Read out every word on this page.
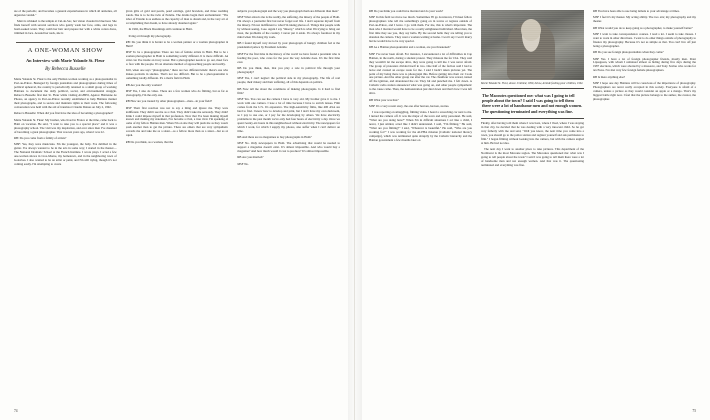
ate of the periodic, and becomes a general expansiveness in which all anxieties, all urgencies vanish."

Maxi is whisked to the temple at Cul-de-Sac, her vision clouded in blue heat. She finds herself with several servitors who gently wash her face, arms, and legs in basil-soaked water. They comb her hair and prepare her with a white cotton dress, trimmed in lace. Around her neck, she is

A ONE-WOMAN SHOW
An Interview with Marie Yolande St. Fleur
By Rebecca Busselle

Marie Yolande St. Fleur is the only Haitian woman working as a photojournalist in Port-au-Prince. Besieged by foreign journalists and photographers during times of political upheaval, the country is periodically returned to a small group of working Haitians to document the daily political, social, and environmental struggle. Rebecca Busselle first met St. Fleur while visiting AGHPO, Agence Haitienne de Photos, an agency in Port-au-Prince recently established to help Haitians market their photographs, and to secure and maintain rights to their work. The following conversation was held with the aid of translator Claudia Daines on July 2, 1992.

Rebecca Busselle: When did you first have the idea of becoming a photographer?

Marie Yolande St. Fleur: My brother, who lived in France at the time, came back to Haiti on vacation. He said, "I want to take you to a special place" and it was a photography school. The visit was my inspiration, and ever since then I've dreamed of becoming a great photographer. That was ten years ago, when I was 22.

RB: Do you come from a family of artists?

MSF: Yes, they were musicians. I'm the youngest, the baby. I've dabbled in the guitar. I've always wanted to be in the arts in some way; I started in the theater—The National Dramatic School at the French Institute. I wrote plays. I acted a few one-woman shows in Cros-Morne, my hometown, and in the neighboring town of Gonaives. I also wanted to be an artist or paint, and I'm still trying, though it's not coming easily. I'm attempting to create

given gifts of gold and pearls, pearl earrings, gold bracelets, and three wedding bands. She is to be the twin of Erzulie. The drums begin their enchantment: "The labor of Erzulie is as endless as the capacity of man to dream and, in the very act of accomplishing that dream, to have already dreamed again."

In 1992, the Black Dreamings still continue in Haiti.

living art through my photography.

RB: Do you think it is harder to be a woman painter or a woman photographer in Haiti?

MSF To be a photographer. There are lots of female artists in Haiti. But to be a woman photographer in Haiti is something totally different. It is more difficult. An artist can live inside an ivory tower. But a photographer needs to go out, meet face to face with the people. It's an alternate method of approaching people and reality.

Still, when one says "photographer," there are two different kinds: there's one who makes portraits in studios. That's not too difficult. But to be a photojournalist is something totally different. It's a man's field in Haiti.

RB Are you the only woman?

MSF Yes, I also do video. There are a few women who do filming, but as far as photography, I'm the only one.

RB How are you treated by other photographers—men—in your field?

MSF Their first reaction was not to say a thing and ignore me. They were indifferent. They didn't see me as a rival. They didn't take me seriously. They didn't think I could impose myself in that profession. Now that I've been making myself known and making my statement, I've become a rival, a true rival. I'm speaking of some of my fellow Haitian men. When I'm on site they will push me as they would push another man to get the picture. There are others that are very sympathetic towards me and take me as a sister—as a fellow more than as a sister—but as an equal.

RB Do you think, as a woman, that the

subjects you photograph and the way you photograph them are different than men?

MSF What attracts me is the reality, the suffering, the misery of the people of Haiti. I'm always a journalist first but never forget real life. I don't separate myself from the misery. I'm not indifferent to what I'm taking photos of. Things that people walk by without seeing, I see. Again I say "misery," which is what I'm trying to bring out most, the problems of the country. I never put it aside. It's always foremost in my mind when I'm doing my work.

RB I found myself very moved by your photograph of hungry children fed at the presidential palace by President Aristide.

MSF For the first time in the history of the world we have found a president who is feeding the poor, who cares for the poor the way Aristide does. It's the first time ever.

RB Do you think, then, that you play a role in political life through your photography?

MSF Yes, I can't neglect the political side in my photography. The life of real people, their misery and their suffering, all of this depends on politics.

RB Now tell me about the conditions of making photographs. Is it hard to find film?

MSF Yes. You can see the camera I have is very old. My brother gave it to me. I work with one camera. I lose a lot of time because I have to switch lenses. Film comes from the U.S. It's expensive. The high-sensitivity films, like 400 ASA are hard to find. I know how to develop and print, but I don't have my own darkroom, so I pay to use one, or I pay for the developing by others. We have electricity problems in the past month we've only had four hours of electricity a day. Once we spent twenty-six hours in this neighborhood without electricity. The newspapers for which I work, for which I supply my photos, also suffer when I can't deliver on time.

RB And there are no magazines to buy photographs in Haiti?

MSF No. Only newspapers in Haiti. The advertising that would be needed to support a magazine doesn't exist. It's almost impossible. And who would buy a magazine? And how much would it cost to produce? It's almost impossible.

RB Are you married?

MSF No.

74

RB Do you think you could have married and do your work?

MSF In this field we move too much. Sometimes I'll go downtown, I'll meet fellow photographers who tell me something's going on in towns or regions outside of Port-au-Prince, and I leave. I go with them. For me, this is what's important. The man who I married would have to be a really enlightened individual. Most men, the first time they see you, they say hello. By the second hello they are telling you to abandon the camera. They want a woman waiting at home. I won't say I won't marry but he would have to be very special.

RB As a Haitian photojournalist and a woman, are you threatened?

MSF I've never been afraid. For instance, I encountered a lot of difficulties in Cap Haitien, in the north, during a student protest. They mistook me for CIA. They said they wouldn't let me escape alive, they were going to kill me. I was never afraid. The group of protesters divided itself in two. One half of the faction said I had to leave and created an escape route for me. I said I hadn't taken pictures yet. The point of my being there was to photograph this. Before getting into their car I took one picture. And the other group ran after the car. The chauffeur was scared, turned off the ignition, and abandoned the car. They hit and punched me. I felt down. A Catholic radio station announced what was going on, and other people sympathetic to the cause came. Then, the demonstration just died down and that's how I was left alive.

RB What year was that?

MSF It's a very recent story, the one after heaven, heaven, stories.

I was reporting on smuggling, filming video. I heard a screeching car next to me. I turned the camera off. It was the major of the town and army personnel. He said, "What are you doing here?" When I'm in difficult situations I act like a child, I never, I just smiled, acted like I didn't understand. I said, "I'm filming." He said, "What are you filming?" I said, "Whatever is beautiful." He said, "Who are you working for?" I was working for the ALPHA mission (Catholic national literacy campaign), which was terminated quite abruptly by the Catholic hierarchy and the Haitian government a few months later on

Marie Yolande St. Fleur, above. Untitled, 1990, below, Armide feeding poor children, 1992.
The Macoutes questioned me: what was I going to tell people about the town? I said I was going to tell them there were a lot of handsome men and not enough women. The questioning terminated and everything was fine.

Finally, after having told them where I was born, where I lived, where I was staying in that city, he decided that he was dealing with a very innocent child. So he got very fatherly with me and said, "Well you know, the next time you come into a town, you should go to the police station and register yourself and ask permission to film." I began filming without looking into the camera, but with the camera angled at him. He had no idea.

The next day I went to another place to take pictures. This department of the Northwest is the most Macoute region. The Macoutes questioned me: what was I going to tell people about the town? I said I was going to tell them there were a lot of handsome men and not enough women. And that was it. The questioning terminated and everything was fine.

RB You have been able to use being female to your advantage at times.

MSF I feel it's my theater. My acting ability. The two arts; my photography and my theater.

RB What would you do to keep going as a photographer, to make yourself better?

MSF I want to take correspondence courses. I read a lot. I seem to take classes. I want to work in other directions. I want to do other things outside of photography to finance my photography. Because it's not as simple as that. You can't live off just being a photographer.

RB Do you see foreign photojournalists when they come?

MSF Yes. I have a lot of foreign photographer friends, mostly men. Peter Lipsagreen, with whom I remained almost as hiding during five days during the 1987 elections, which were aborted by a massacre, and Tony Savino who works for tex Press. I've met very few foreign female photographers.

RB Is there anything else?

MSF I hope one day Haitians will be conscious of the importance of photography. Photographers are never really accepted in this society. Everyone is afraid of a camera, unless a picture as they would consider an apple or a mango. That's my biggest battle right now. I feel that the picture belongs to the author, the creator, the photographer.

75
